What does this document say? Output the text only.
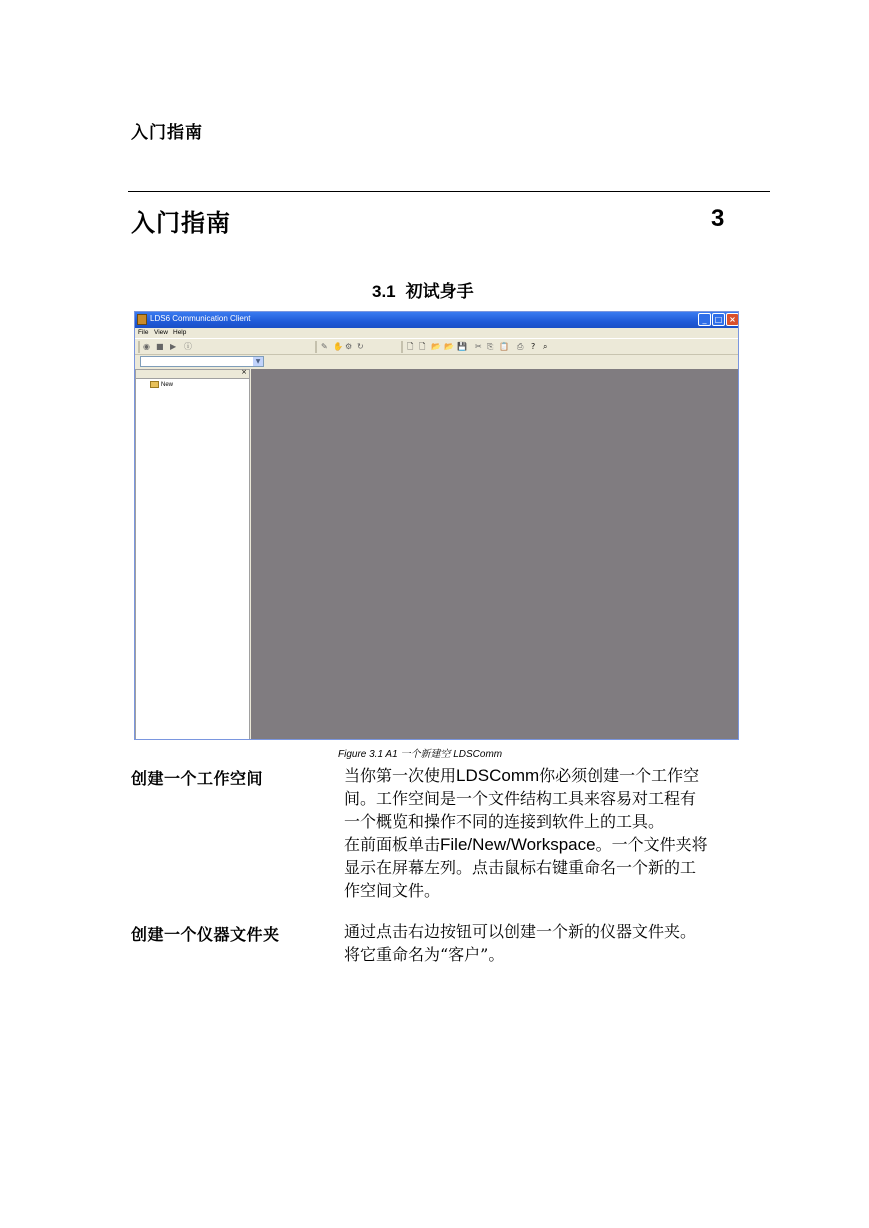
入门指南
入门指南	3
3.1 初试身手
LDS6 Communication Client	_	□ ×
File View Help
◉ ■ ▶ ⓘ	✎ ✋ ⚙ ↻	🗋 🗋 📂 📂 💾 ✂ ⎘ 📋 ⎙ ? ⌕
▼
×
New
Figure 3.1 A1 一个新建空 LDSComm
创建一个工作空间	当你第一次使用LDSComm你必须创建一个工作空
间。工作空间是一个文件结构工具来容易对工程有
一个概览和操作不同的连接到软件上的工具。
在前面板单击File/New/Workspace。一个文件夹将
显示在屏幕左列。点击鼠标右键重命名一个新的工
作空间文件。
创建一个仪器文件夹	通过点击右边按钮可以创建一个新的仪器文件夹。
将它重命名为“客户”。
